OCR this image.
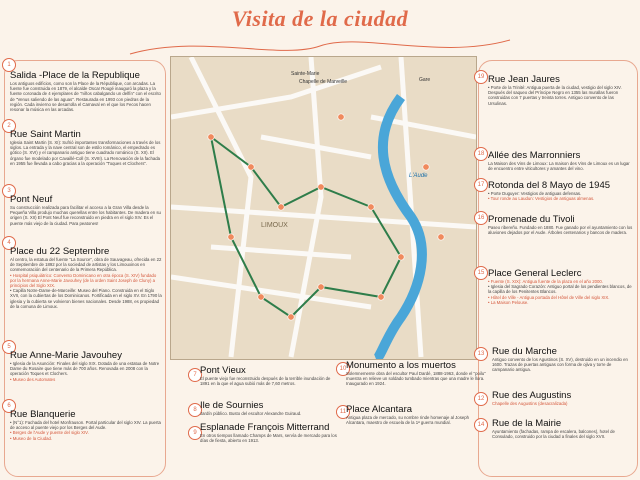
Visita de la ciudad
Sainte-Marie
Chapelle de Marveille
L'Aude
LIMOUX
Gare
1
Salida -Place de la Republique

Los antiguos edificios, como son la Place de la République, con arcadas. La fuente fue construida en 1879, el alcalde Oscar Rougé inauguró la plaza y la fuente coronada de 4 ejemplares de "niños cabalgando un delfín" con el escrito de "Venus saliendo de las aguas". Restaurada en 1993 con piedras de la región. Cada invierno se desarrolla el Carnaval en el que los Fecos hacen resonar la música en las arcadas.

2
Rue Saint Martin

Iglesia Saint Martin (S. XI): Sufrió importantes transformaciones a través de los siglos. La entrada y la nave central son de estilo románico, el empedrado es gótico (S. XVI) y el campanario antiguo tiene cuadrado románico (S. XII). El órgano fue modelado por Cavaillé-Coll (S. XVIII). La Renovación de la fachada en 1955 fue llevada a cabo gracias a la operación "Toques et Clochers".

3
Pont Neuf

Su construcción realizada para facilitar el acceso a la Gran Villa desde la Pequeña Villa produjo muchas querellas entre los habitantes. De madera en su origen (S. XII) El Pont Neuf fue reconstruido en piedra en el siglo XIV. Es el puente más viejo de la ciudad. Para peatones!

4
Place du 22 Septembre

Al centro, la estatua del fuente "La Source", obra de Sauvageau, ofrecida en 22 de Septiembre de 1892 por la sociedad de artistas y los Limouxinos en conmemoración del centenario de la Primera República.

• Hospital psiquiátrico: Convento Dominicano en otra época (S. XIV) fundado por la hermana Anne-Marie Javouhey (de la orden Saint Joseph de Cluny) a principios del Siglo XIX.

• Capilla Notre-Dame-de-Marceille: Museo del Piano. Construida en el Siglo XVII, con la cubiertas de los Dominicanos. Fortificada en el siglo XV. En 1790 la iglesia y la cubierta se volvieron bienes nacionales. Desde 1988, es propiedad de la comuna de Limoux.

5
Rue Anne-Marie Javouhey

• Iglesia de la Asunción: Finales del siglo XIX. Dotada de una estatua de Notre Dame du Rosaire que tiene más de 700 años. Renovada en 2008 con la operación Toques et Clochers.

• Museo des Automates

6
Rue Blanquerie

• (N°1): Fachada del hotel Monfrauson. Portal particular del siglo XIV. La puerta de acceso al puente viejo por los Berges del Aude.

• Berges de l'Aude y puente del siglo XIV.

• Museo de la Ciudad.

7 Pont Vieux

El puente viejo fue reconstruido después de la terrible inundación de 1891 en la que el agua subió más de 7,60 metros.

8 Ile de Sournies

Jardín público. Busto del escultor Alexandre Guiraud.

9 Esplanade François Mitterrand

En otros tiempos llamado Champs de Mars, servía de mercado para los días de fiesta, abierto en 1913.

10 Monumento a los muertos

Solemnemente obra del escultor Paul Dardé, 1888-1963, donde el "poilu" muestra en relieve un soldado tumbado mientras que una madre le llora. Inaugurado en 1924.

11 Place Alcantara

Antigua plaza de mercado, su nombre rinde homenaje al Joseph Alcantara, maestro de escuela de la 1ª guerra mundial.

19 Rue Jean Jaures

• Porte de la Trinité: Antigua puerta de la ciudad, vestigio del siglo XIV. Después del saqueo del Príncipe Negro en 1355 las murallas fueron construidas con 7 puertas y treinta torres. Antiguo convento de las Ursulinas.

18 Allée des Marronniers

La Maison des Vins de Limoux: La maison des Vins de Limoux es un lugar de encuentro entre viticultores y amantes del vino.

17 Rotonda del 8 Mayo de 1945

• Porte Duguyer: Vestigios de antiguas defensas.

• Tour ronde au Laudun: Vestigios de antiguas almenas.

16 Promenade du Tivoli

Paseo ribereño. Fundado en 1880. Fue ganado por el ayuntamiento con los aluviones dejados por el Aude. Árboles centenarios y bancos de madera.

15 Place General Leclerc

• Fuente (S. XIX): Antigua fuente de la plaza en el año 2000.

• Iglesia del Sagrado Corazón: Antiguo portal de los pendientes blancos, de la capilla de los Penitentes Blancos.

• Hôtel de Ville - Antigua portada del Hôtel de Ville del siglo XIX.

• La Maison Pelouse.

13 Rue du Marche

Antiguo convento de los Agustinos (S. XV), destruido en un incendio en 1600. Trazas de puertas antiguas con forma de ojiva y torre de campanario antigua.

12 Rue des Augustins

Chapelle des Augustins (desacralizada)

14 Rue de la Mairie

Ayuntamiento (fachadas, rampa de escalera, balcones), hotel de Consulado, construido por la ciudad a finales del siglo XVII.
